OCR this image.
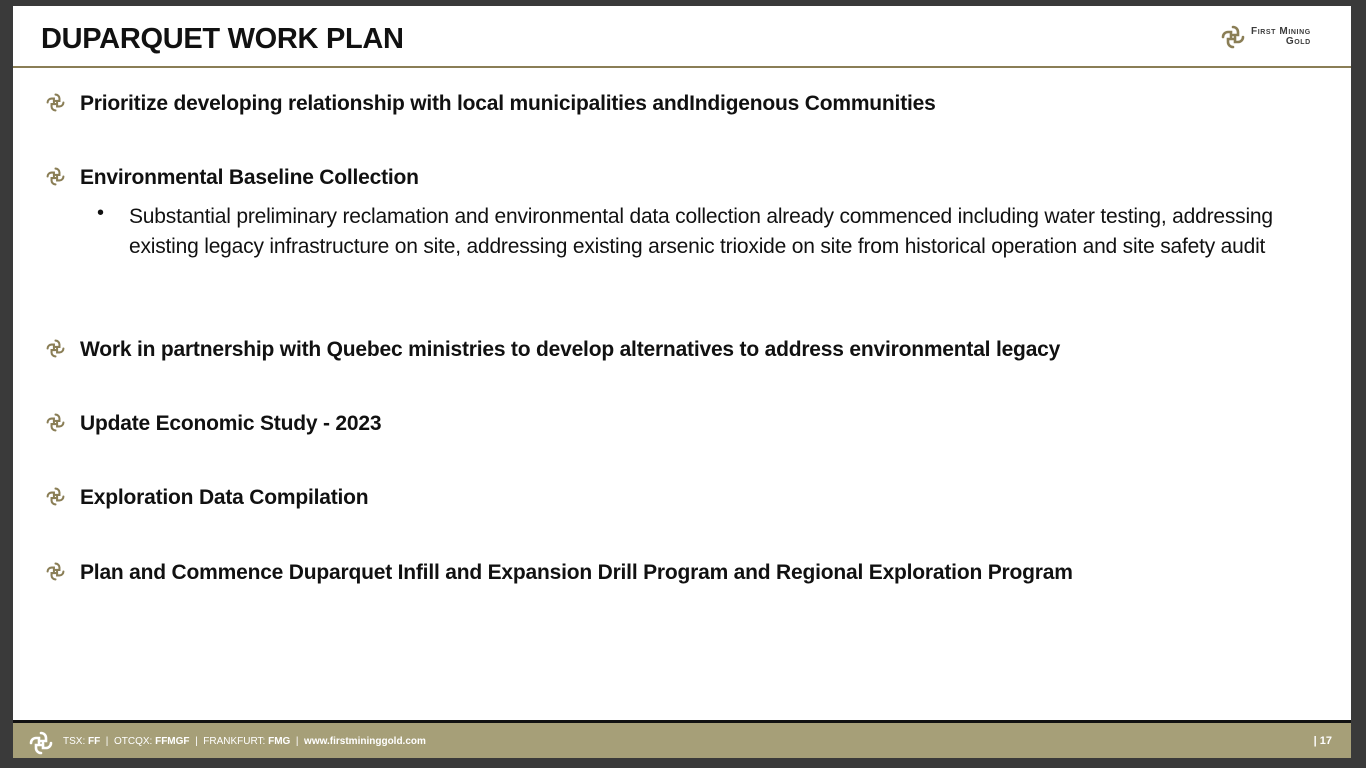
DUPARQUET WORK PLAN	First Mining
Gold
Prioritize developing relationship with local municipalities andIndigenous Communities
Environmental Baseline Collection
• Substantial preliminary reclamation and environmental data collection already commenced including water testing, addressing existing legacy infrastructure on site, addressing existing arsenic trioxide on site from historical operation and site safety audit
Work in partnership with Quebec ministries to develop alternatives to address environmental legacy
Update Economic Study - 2023
Exploration Data Compilation
Plan and Commence Duparquet Infill and Expansion Drill Program and Regional Exploration Program
TSX: FF | OTCQX: FFMGF | FRANKFURT: FMG | www.firstmininggold.com	| 17
